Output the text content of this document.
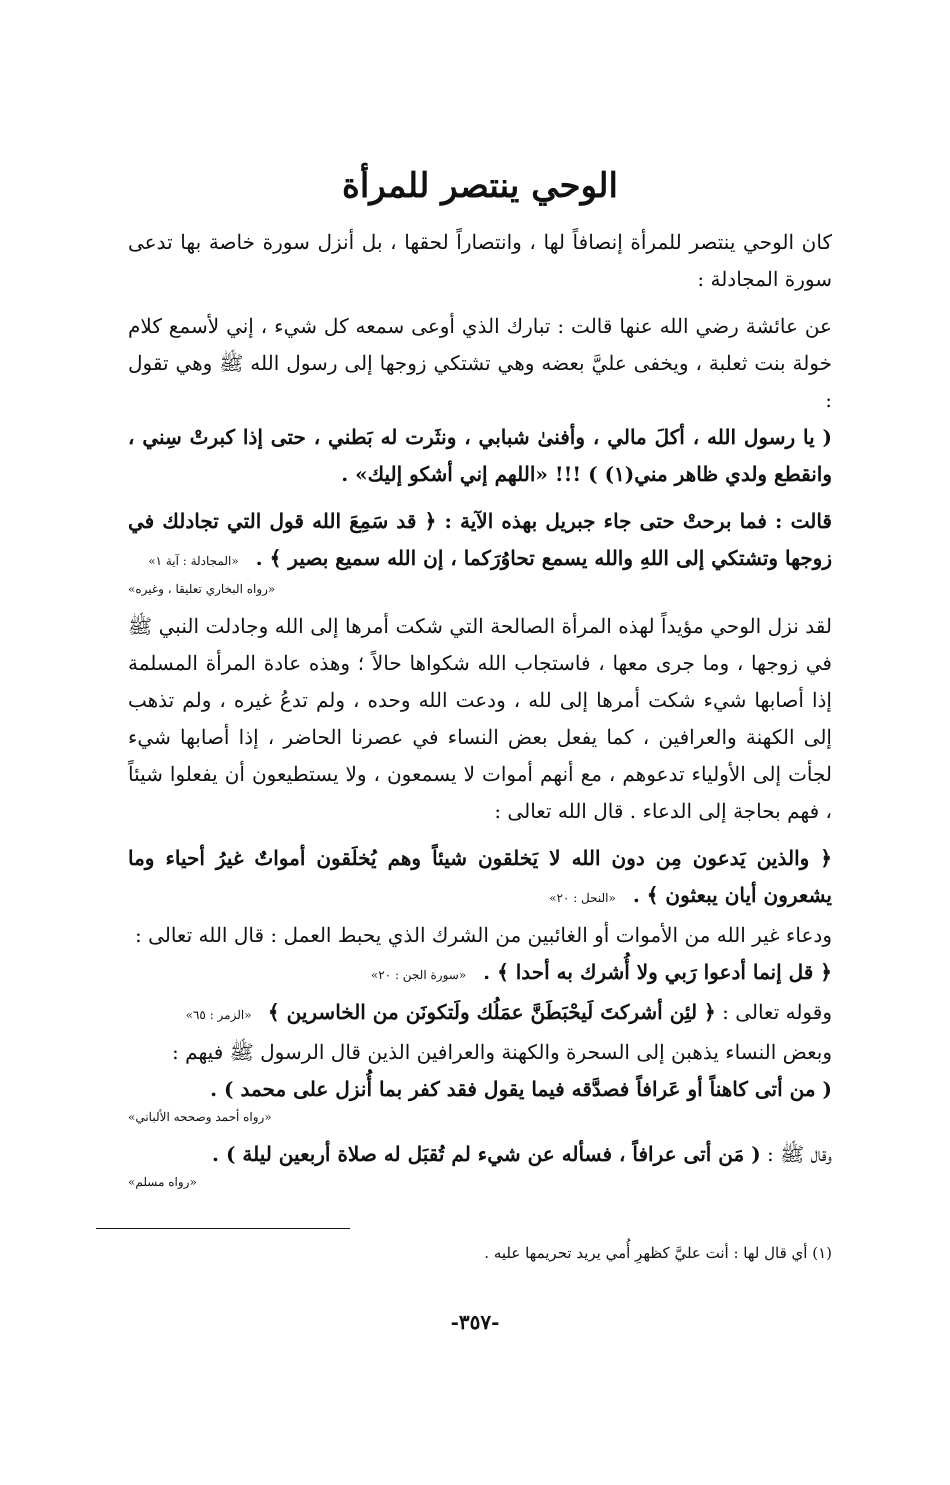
الوحي ينتصر للمرأة

كان الوحي ينتصر للمرأة إنصافاً لها ، وانتصاراً لحقها ، بل أنزل سورة خاصة بها تدعى سورة المجادلة :

عن عائشة رضي الله عنها قالت : تبارك الذي أوعى سمعه كل شيء ، إني لأسمع كلام خولة بنت ثعلبة ، ويخفى عليَّ بعضه وهي تشتكي زوجها إلى رسول الله ﷺ وهي تقول :

( يا رسول الله ، أكلَ مالي ، وأفنىٰ شبابي ، ونثَرت له بَطني ، حتى إذا كبرتْ سِني ، وانقطع ولدي ظاهر مني(١) ) !!! «اللهم إني أشكو إليك» .

قالت : فما برحتْ حتى جاء جبريل بهذه الآية : ﴿ قد سَمِعَ الله قول التي تجادلك في زوجها وتشتكي إلى اللهِ والله يسمع تحاوُرَكما ، إن الله سميع بصير ﴾ . «المجادلة : آية ١»

«رواه البخاري تعليقا ، وغيره»

لقد نزل الوحي مؤيداً لهذه المرأة الصالحة التي شكت أمرها إلى الله وجادلت النبي ﷺ في زوجها ، وما جرى معها ، فاستجاب الله شكواها حالاً ؛ وهذه عادة المرأة المسلمة إذا أصابها شيء شكت أمرها إلى لله ، ودعت الله وحده ، ولم تدعُ غيره ، ولم تذهب إلى الكهنة والعرافين ، كما يفعل بعض النساء في عصرنا الحاضر ، إذا أصابها شيء لجأت إلى الأولياء تدعوهم ، مع أنهم أموات لا يسمعون ، ولا يستطيعون أن يفعلوا شيئاً ، فهم بحاجة إلى الدعاء . قال الله تعالى :

﴿ والذين يَدعون مِن دون الله لا يَخلقون شيئاً وهم يُخلَقون أمواتٌ غيرُ أحياء وما يشعرون أيان يبعثون ﴾ . «النحل : ٢٠»

ودعاء غير الله من الأموات أو الغائبين من الشرك الذي يحبط العمل : قال الله تعالى :

﴿ قل إنما أدعوا رَبي ولا أُشرك به أحدا ﴾ . «سورة الجن : ٢٠»

وقوله تعالى : ﴿ لئِن أشركتَ لَيحْبَطَنَّ عمَلُك ولَتكونَن من الخاسرين ﴾ «الزمر : ٦٥»

وبعض النساء يذهبن إلى السحرة والكهنة والعرافين الذين قال الرسول ﷺ فيهم :

( من أتى كاهناً أو عَرافاً فصدَّقه فيما يقول فقد كفر بما أُنزل على محمد ) .

«رواه أحمد وصححه الألباني»

وقال ﷺ : ( مَن أتى عرافاً ، فسأله عن شيء لم تُقبَل له صلاة أربعين ليلة ) .

«رواه مسلم»
(١) أي قال لها : أنت عليَّ كظهرِ أُمي يريد تحريمها عليه .
-٣٥٧-
